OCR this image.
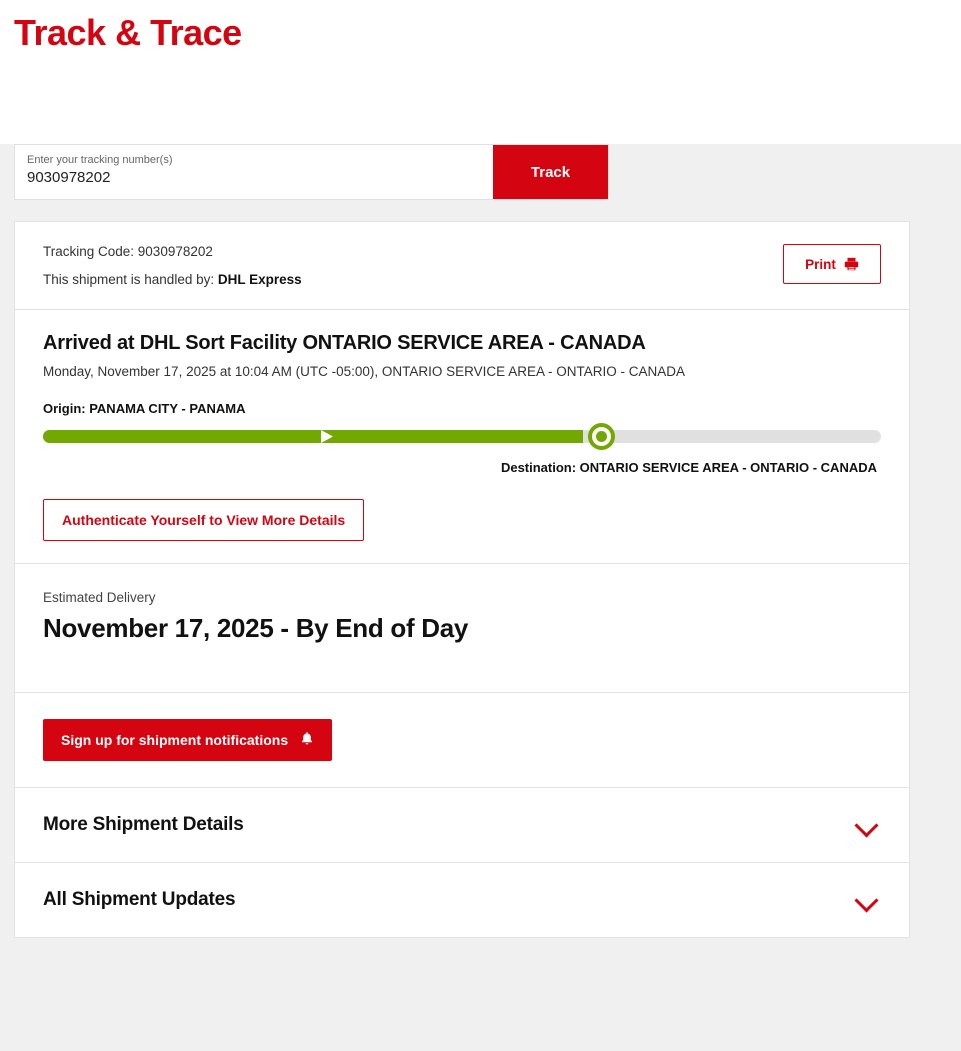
Track & Trace
Enter your tracking number(s)
9030978202
Track
Tracking Code: 9030978202
This shipment is handled by: DHL Express
Print
Arrived at DHL Sort Facility ONTARIO SERVICE AREA - CANADA
Monday, November 17, 2025 at 10:04 AM (UTC -05:00), ONTARIO SERVICE AREA - ONTARIO - CANADA
Origin: PANAMA CITY - PANAMA
Destination: ONTARIO SERVICE AREA - ONTARIO - CANADA
Authenticate Yourself to View More Details
Estimated Delivery
November 17, 2025 - By End of Day
Sign up for shipment notifications
More Shipment Details
All Shipment Updates
